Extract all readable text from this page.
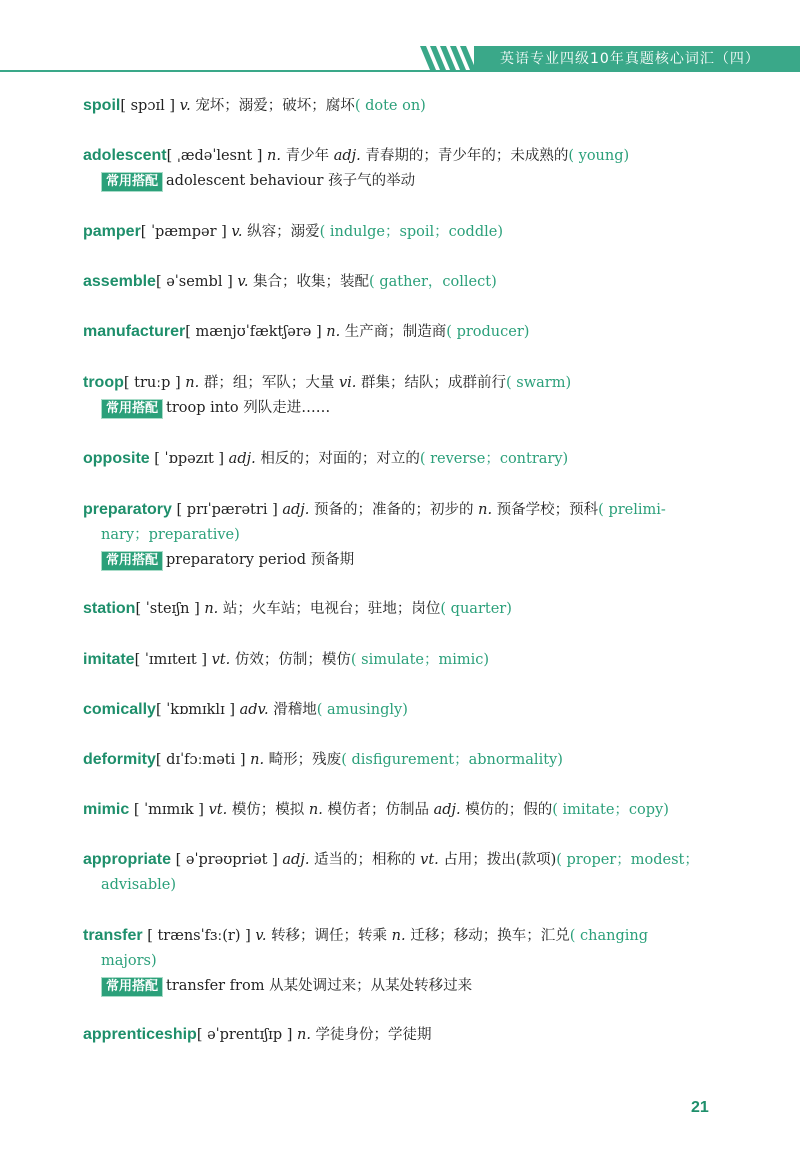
英语专业四级10年真题核心词汇（四）
spoil[ spɔɪl ] v. 宠坏；溺爱；破坏；腐坏( dote on)
adolescent[ ˌædəˈlesnt ] n. 青少年 adj. 青春期的；青少年的；未成熟的( young)
常用搭配 adolescent behaviour 孩子气的举动
pamper[ ˈpæmpər ] v. 纵容；溺爱( indulge；spoil；coddle)
assemble[ əˈsembl ] v. 集合；收集；装配( gather，collect)
manufacturer[ mænjʊˈfæktʃərə ] n. 生产商；制造商( producer)
troop[ truːp ] n. 群；组；军队；大量 vi. 群集；结队；成群前行( swarm)
常用搭配 troop into 列队走进……
opposite [ ˈɒpəzɪt ] adj. 相反的；对面的；对立的( reverse；contrary)
preparatory [ prɪˈpærətri ] adj. 预备的；准备的；初步的 n. 预备学校；预科( prelimi-
nary；preparative)
常用搭配 preparatory period 预备期
station[ ˈsteɪʃn ] n. 站；火车站；电视台；驻地；岗位( quarter)
imitate[ ˈɪmɪteɪt ] vt. 仿效；仿制；模仿( simulate；mimic)
comically[ ˈkɒmɪklɪ ] adv. 滑稽地( amusingly)
deformity[ dɪˈfɔːməti ] n. 畸形；残废( disfigurement；abnormality)
mimic [ ˈmɪmɪk ] vt. 模仿；模拟 n. 模仿者；仿制品 adj. 模仿的；假的( imitate；copy)
appropriate [ əˈprəʊpriət ] adj. 适当的；相称的 vt. 占用；拨出(款项)( proper；modest；
advisable)
transfer [ trænsˈfɜː(r) ] v. 转移；调任；转乘 n. 迁移；移动；换车；汇兑( changing
majors)
常用搭配 transfer from 从某处调过来；从某处转移过来
apprenticeship[ əˈprentɪʃɪp ] n. 学徒身份；学徒期
21
